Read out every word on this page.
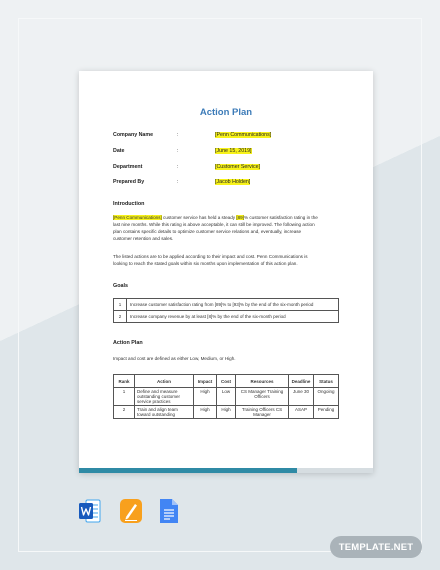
Action Plan
Company Name	:	[Penn Communications]
Date	:	[June 15, 2019]
Department	:	[Customer Service]
Prepared By	:	[Jacob Holden]
Introduction
[Penn Communications] customer service has held a steady [89]% customer satisfaction rating in the
last nine months. While this rating is above acceptable, it can still be improved. The following action
plan contains specific details to optimize customer service relations and, eventually, increase
customer retention and sales.
The listed actions are to be applied according to their impact and cost. Penn Communications is
looking to reach the stated goals within six months upon implementation of this action plan.
Goals
1	Increase customer satisfaction rating from [89]% to [93]% by the end of the six-month period
2	Increase company revenue by at least [8]% by the end of the six-month period
Action Plan
Impact and cost are defined as either Low, Medium, or High.
Rank	Action	Impact	Cost	Resources	Deadline	Status
1	Define and measure outstanding customer service practices	High	Low	CS Manager Training Officers	June 30	Ongoing
2	Train and align team toward outstanding	High	High	Training Officers CS Manager	ASAP	Pending
TEMPLATE.NET
